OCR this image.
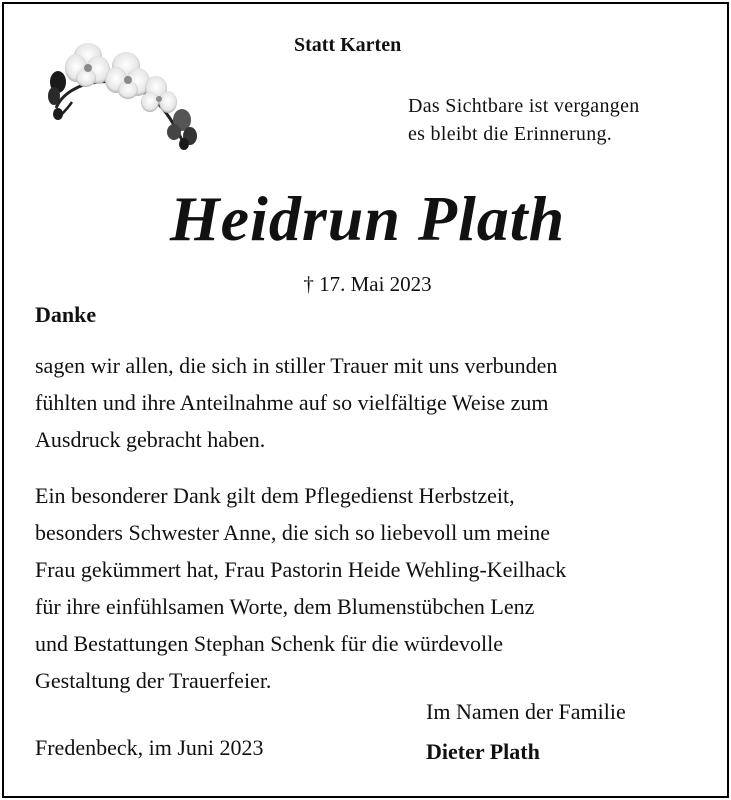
Statt Karten
Das Sichtbare ist vergangen
es bleibt die Erinnerung.
Heidrun Plath
† 17. Mai 2023
Danke
sagen wir allen, die sich in stiller Trauer mit uns verbunden
fühlten und ihre Anteilnahme auf so vielfältige Weise zum
Ausdruck gebracht haben.
Ein besonderer Dank gilt dem Pflegedienst Herbstzeit,
besonders Schwester Anne, die sich so liebevoll um meine
Frau gekümmert hat, Frau Pastorin Heide Wehling-Keilhack
für ihre einfühlsamen Worte, dem Blumenstübchen Lenz
und Bestattungen Stephan Schenk für die würdevolle
Gestaltung der Trauerfeier.
Fredenbeck, im Juni 2023
Im Namen der Familie
Dieter Plath
